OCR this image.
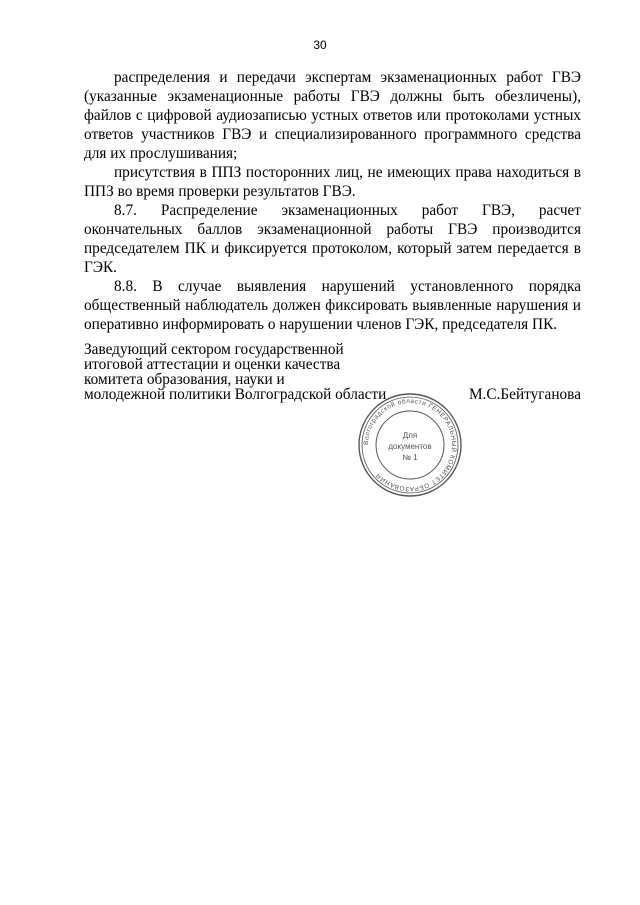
30

распределения и передачи экспертам экзаменационных работ ГВЭ (указанные экзаменационные работы ГВЭ должны быть обезличены), файлов с цифровой аудиозаписью устных ответов или протоколами устных ответов участников ГВЭ и специализированного программного средства для их прослушивания;

присутствия в ППЗ посторонних лиц, не имеющих права находиться в ППЗ во время проверки результатов ГВЭ.

8.7. Распределение экзаменационных работ ГВЭ, расчет окончательных баллов экзаменационной работы ГВЭ производится председателем ПК и фиксируется протоколом, который затем передается в ГЭК.

8.8. В случае выявления нарушений установленного порядка общественный наблюдатель должен фиксировать выявленные нарушения и оперативно информировать о нарушении членов ГЭК, председателя ПК.

Заведующий сектором государственной
итоговой аттестации и оценки качества
комитета образования, науки и
молодежной политики Волгоградской области	М.С.Бейтуганова
Волгоградской области ГЕНЕРАЛЬНЫЙ КОМИТЕТ ОБРАЗОВАНИЯ
Для
документов
№ 1
